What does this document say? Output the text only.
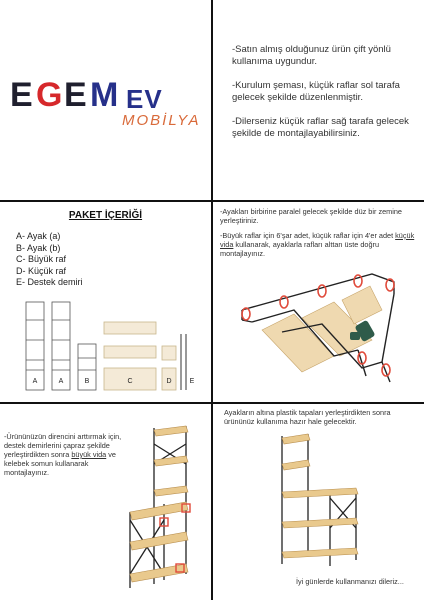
E G E M EV
MOBİLYA

-Satın almış olduğunuz ürün çift yönlü kullanıma uygundur.

-Kurulum şeması, küçük raflar sol tarafa gelecek şekilde düzenlenmiştir.

-Dilerseniz küçük raflar sağ tarafa gelecek şekilde de montajlayabilirsiniz.

PAKET İÇERİĞİ
A- Ayak (a)
B- Ayak (b)
C- Büyük raf
D- Küçük raf
E- Destek demiri
A	A	B	C	D	E

-Ayakları birbirine paralel gelecek şekilde düz bir zemine yerleştiriniz.

-Büyük raflar için 6'şar adet, küçük raflar için 4'er adet küçük vida kullanarak, ayaklarla rafları alttan üste doğru montajlayınız.

-Ürününüzün direncini arttırmak için, destek demirlerini çapraz şekilde yerleştirdikten sonra büyük vida ve kelebek somun kullanarak montajlayınız.

Ayakların altına plastik tapaları yerleştirdikten sonra ürününüz kullanıma hazır hale gelecektir.

İyi günlerde kullanmanızı dileriz...
